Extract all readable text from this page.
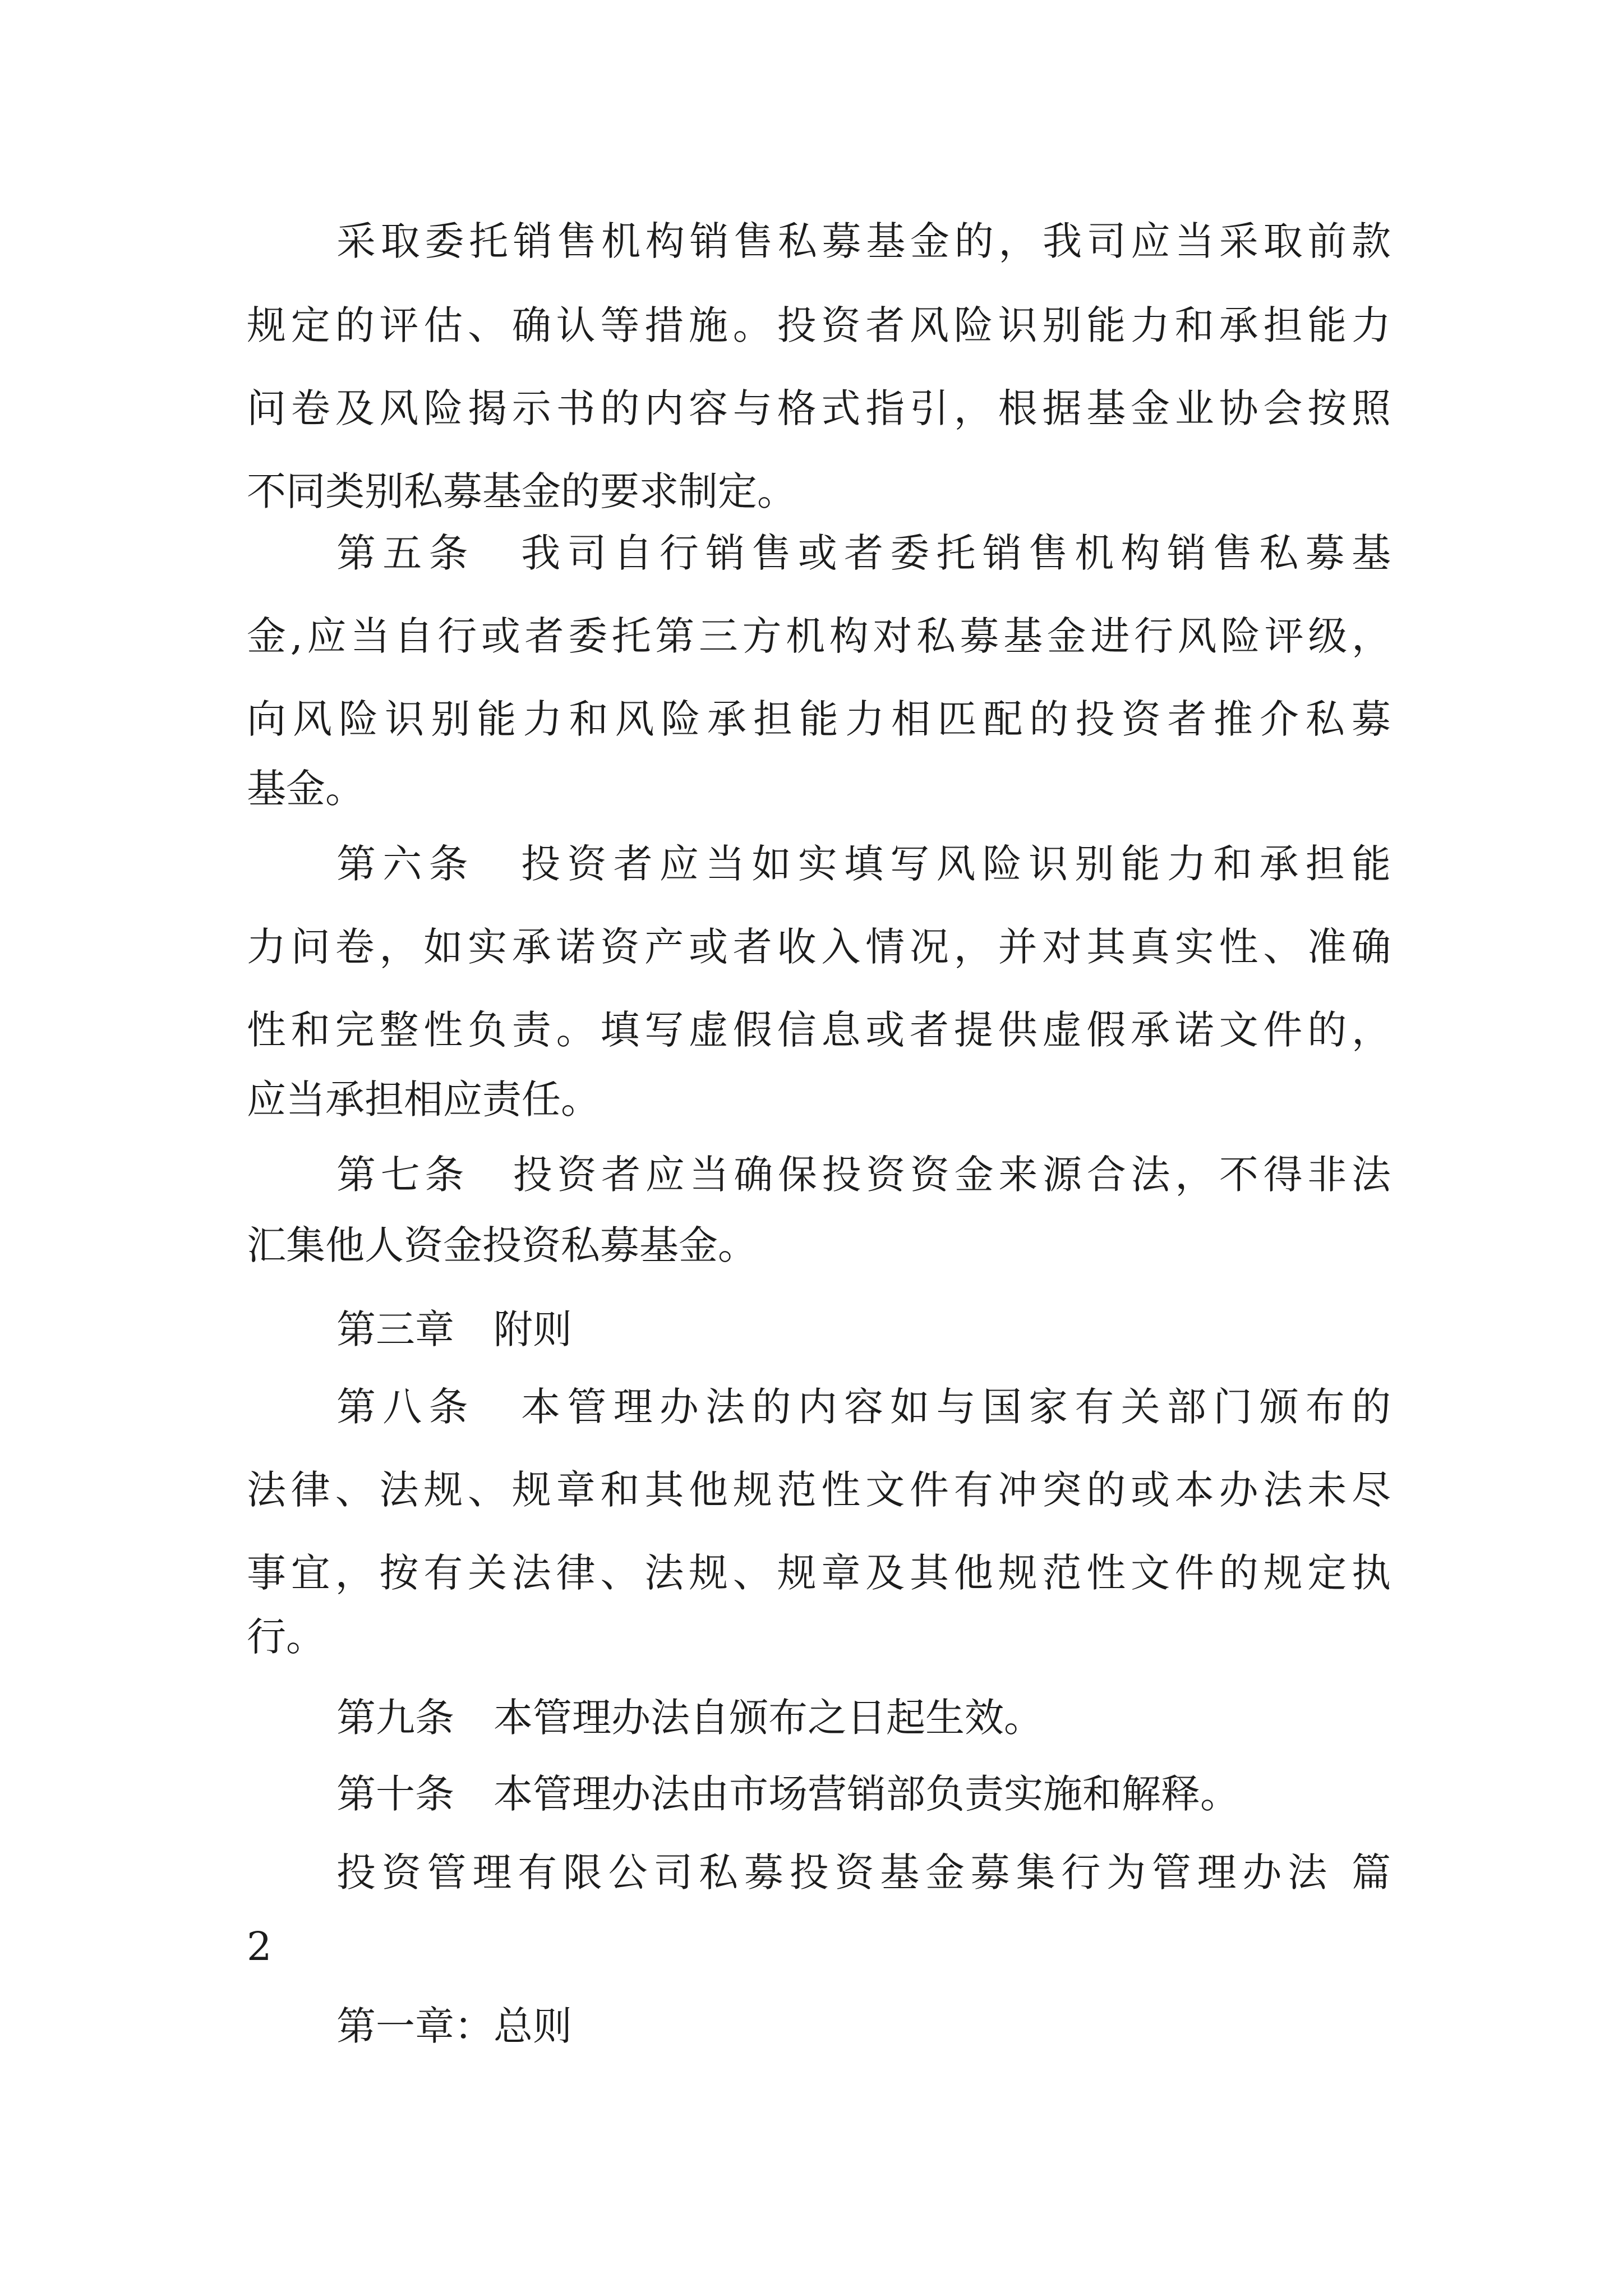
采取委托销售机构销售私募基金的，我司应当采取前款

规定的评估、确认等措施。投资者风险识别能力和承担能力

问卷及风险揭示书的内容与格式指引，根据基金业协会按照

不同类别私募基金的要求制定。

第五条　我司自行销售或者委托销售机构销售私募基

金,应当自行或者委托第三方机构对私募基金进行风险评级，

向风险识别能力和风险承担能力相匹配的投资者推介私募

基金。

第六条　投资者应当如实填写风险识别能力和承担能

力问卷，如实承诺资产或者收入情况，并对其真实性、准确

性和完整性负责。填写虚假信息或者提供虚假承诺文件的，

应当承担相应责任。

第七条　投资者应当确保投资资金来源合法，不得非法

汇集他人资金投资私募基金。

第三章　附则

第八条　本管理办法的内容如与国家有关部门颁布的

法律、法规、规章和其他规范性文件有冲突的或本办法未尽

事宜，按有关法律、法规、规章及其他规范性文件的规定执

行。

第九条　本管理办法自颁布之日起生效。

第十条　本管理办法由市场营销部负责实施和解释。

投资管理有限公司私募投资基金募集行为管理办法 篇

2

第一章：总则
